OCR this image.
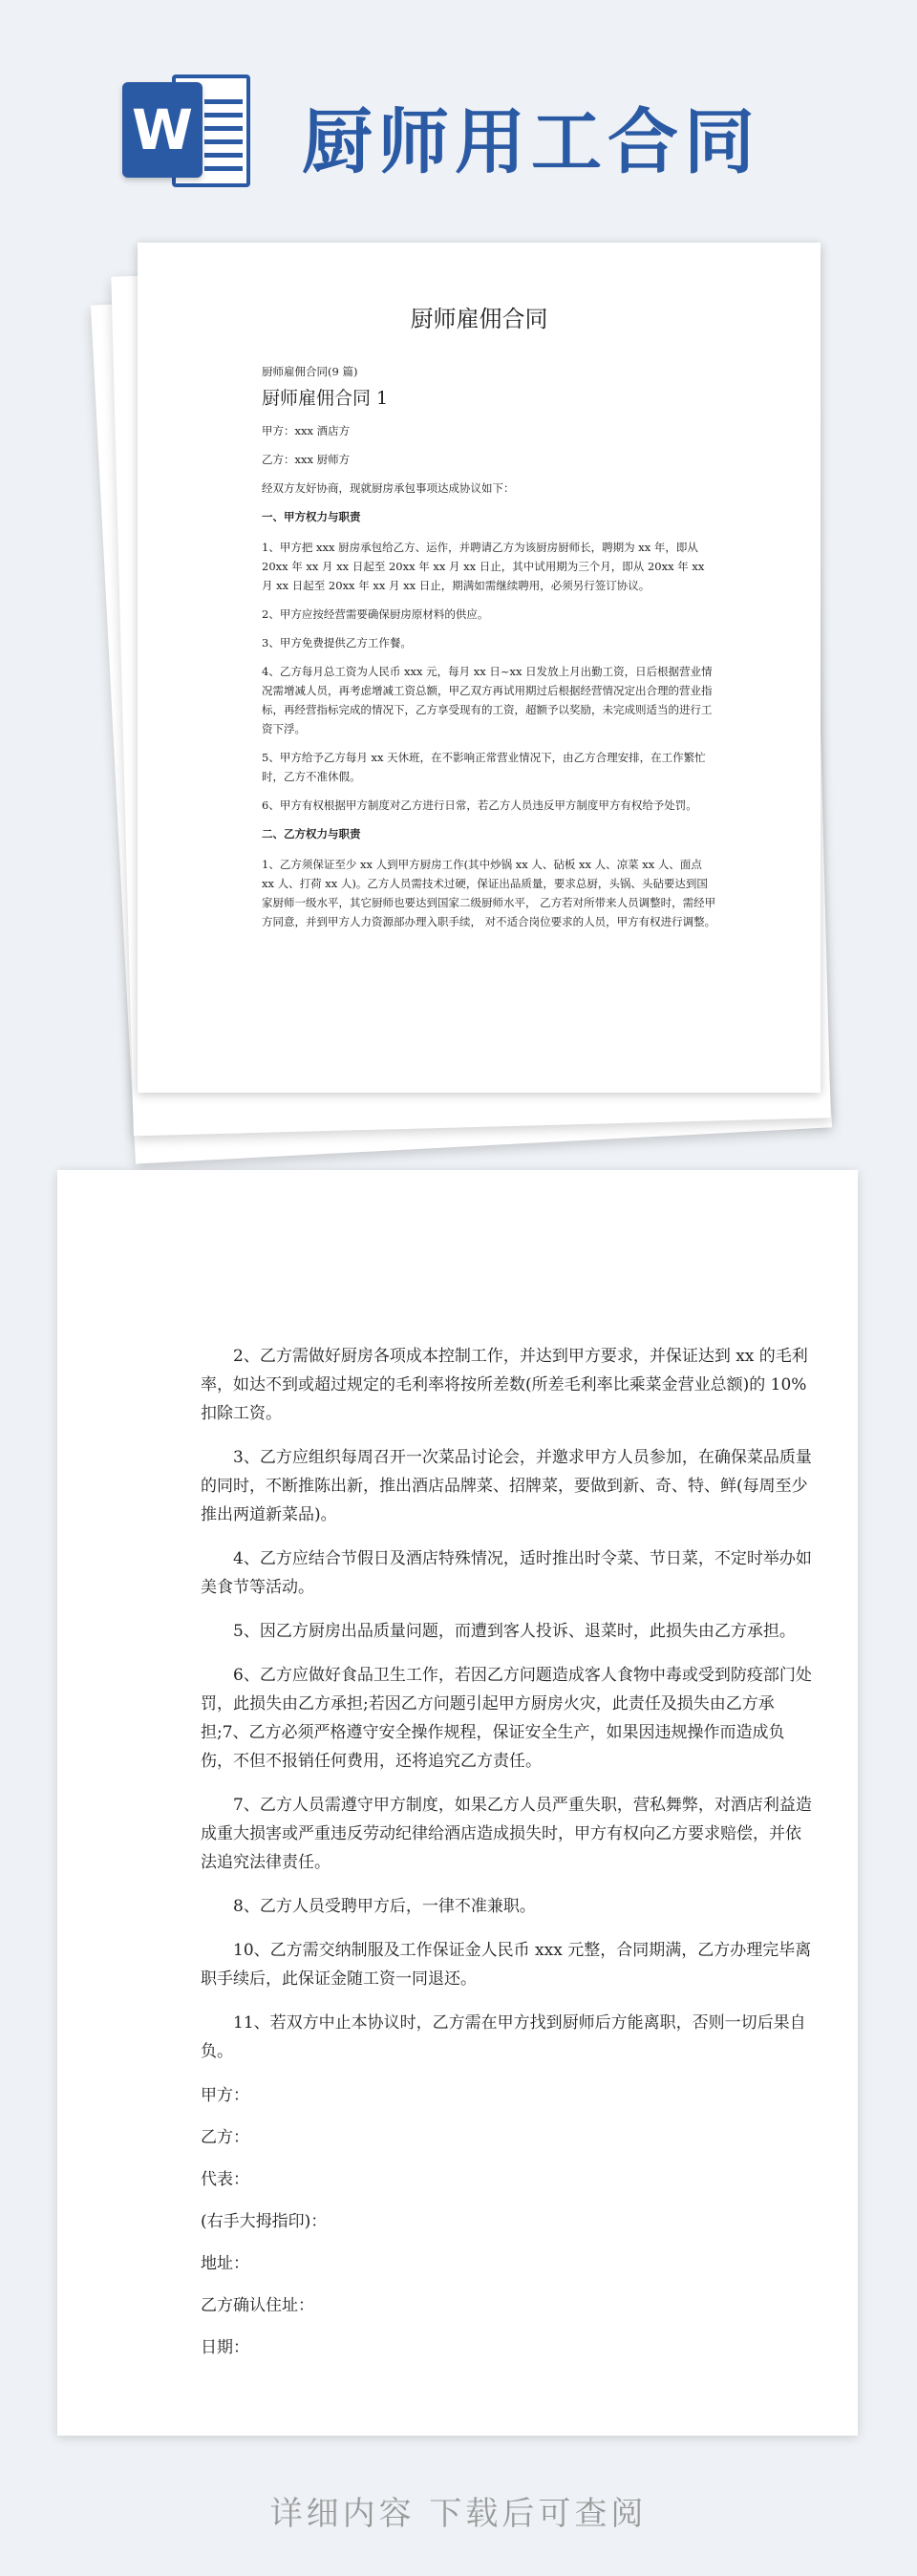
W 厨师用工合同
厨师雇佣合同

厨师雇佣合同(9 篇)

厨师雇佣合同 1

甲方：xxx 酒店方

乙方：xxx 厨师方

经双方友好协商，现就厨房承包事项达成协议如下：

一、甲方权力与职责

1、甲方把 xxx 厨房承包给乙方、运作，并聘请乙方为该厨房厨师长，聘期为 xx 年，即从 20xx 年 xx 月 xx 日起至 20xx 年 xx 月 xx 日止，其中试用期为三个月，即从 20xx 年 xx 月 xx 日起至 20xx 年 xx 月 xx 日止，期满如需继续聘用，必须另行签订协议。

2、甲方应按经营需要确保厨房原材料的供应。

3、甲方免费提供乙方工作餐。

4、乙方每月总工资为人民币 xxx 元，每月 xx 日~xx 日发放上月出勤工资，日后根据营业情况需增减人员，再考虑增减工资总额，甲乙双方再试用期过后根据经营情况定出合理的营业指标，再经营指标完成的情况下，乙方享受现有的工资，超额予以奖励，未完成则适当的进行工资下浮。

5、甲方给予乙方每月 xx 天休班，在不影响正常营业情况下，由乙方合理安排，在工作繁忙时，乙方不准休假。

6、甲方有权根据甲方制度对乙方进行日常，若乙方人员违反甲方制度甲方有权给予处罚。

二、乙方权力与职责

1、乙方须保证至少 xx 人到甲方厨房工作(其中炒锅 xx 人、砧板 xx 人、凉菜 xx 人、面点 xx 人、打荷 xx 人)。乙方人员需技术过硬，保证出品质量，要求总厨，头锅、头砧要达到国家厨师一级水平，其它厨师也要达到国家二级厨师水平， 乙方若对所带来人员调整时，需经甲方同意，并到甲方人力资源部办理入职手续， 对不适合岗位要求的人员，甲方有权进行调整。

2、乙方需做好厨房各项成本控制工作，并达到甲方要求，并保证达到 xx 的毛利率，如达不到或超过规定的毛利率将按所差数(所差毛利率比乘菜金营业总额)的 10%扣除工资。

3、乙方应组织每周召开一次菜品讨论会，并邀求甲方人员参加，在确保菜品质量的同时，不断推陈出新，推出酒店品牌菜、招牌菜，要做到新、奇、特、鲜(每周至少推出两道新菜品)。

4、乙方应结合节假日及酒店特殊情况，适时推出时令菜、节日菜，不定时举办如美食节等活动。

5、因乙方厨房出品质量问题，而遭到客人投诉、退菜时，此损失由乙方承担。

6、乙方应做好食品卫生工作，若因乙方问题造成客人食物中毒或受到防疫部门处罚，此损失由乙方承担;若因乙方问题引起甲方厨房火灾，此责任及损失由乙方承担;7、乙方必须严格遵守安全操作规程，保证安全生产，如果因违规操作而造成负伤，不但不报销任何费用，还将追究乙方责任。

7、乙方人员需遵守甲方制度，如果乙方人员严重失职，营私舞弊，对酒店利益造成重大损害或严重违反劳动纪律给酒店造成损失时，甲方有权向乙方要求赔偿，并依法追究法律责任。

8、乙方人员受聘甲方后，一律不准兼职。

10、乙方需交纳制服及工作保证金人民币 xxx 元整，合同期满，乙方办理完毕离职手续后，此保证金随工资一同退还。

11、若双方中止本协议时，乙方需在甲方找到厨师后方能离职，否则一切后果自负。

甲方：

乙方：

代表：

(右手大拇指印)：

地址：

乙方确认住址：

日期：

详细内容 下载后可查阅
